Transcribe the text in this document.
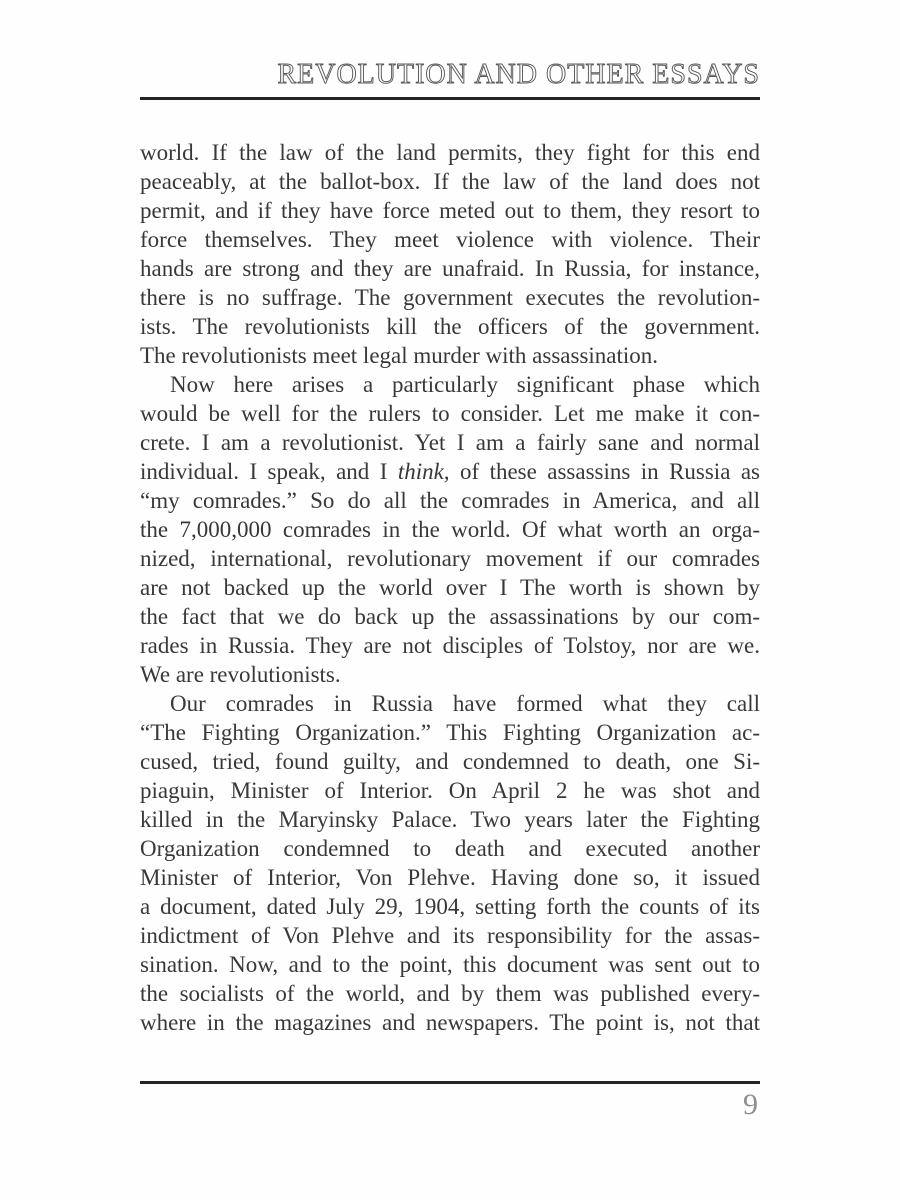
REVOLUTION AND OTHER ESSAYS
world. If the law of the land permits, they fight for this end
peaceably, at the ballot-box. If the law of the land does not
permit, and if they have force meted out to them, they resort to
force themselves. They meet violence with violence. Their
hands are strong and they are unafraid. In Russia, for instance,
there is no suffrage. The government executes the revolution-
ists. The revolutionists kill the officers of the government.
The revolutionists meet legal murder with assassination.
Now here arises a particularly significant phase which
would be well for the rulers to consider. Let me make it con-
crete. I am a revolutionist. Yet I am a fairly sane and normal
individual. I speak, and I think, of these assassins in Russia as
“my comrades.” So do all the comrades in America, and all
the 7,000,000 comrades in the world. Of what worth an orga-
nized, international, revolutionary movement if our comrades
are not backed up the world over I The worth is shown by
the fact that we do back up the assassinations by our com-
rades in Russia. They are not disciples of Tolstoy, nor are we.
We are revolutionists.
Our comrades in Russia have formed what they call
“The Fighting Organization.” This Fighting Organization ac-
cused, tried, found guilty, and condemned to death, one Si-
piaguin, Minister of Interior. On April 2 he was shot and
killed in the Maryinsky Palace. Two years later the Fighting
Organization condemned to death and executed another
Minister of Interior, Von Plehve. Having done so, it issued
a document, dated July 29, 1904, setting forth the counts of its
indictment of Von Plehve and its responsibility for the assas-
sination. Now, and to the point, this document was sent out to
the socialists of the world, and by them was published every-
where in the magazines and newspapers. The point is, not that
9
